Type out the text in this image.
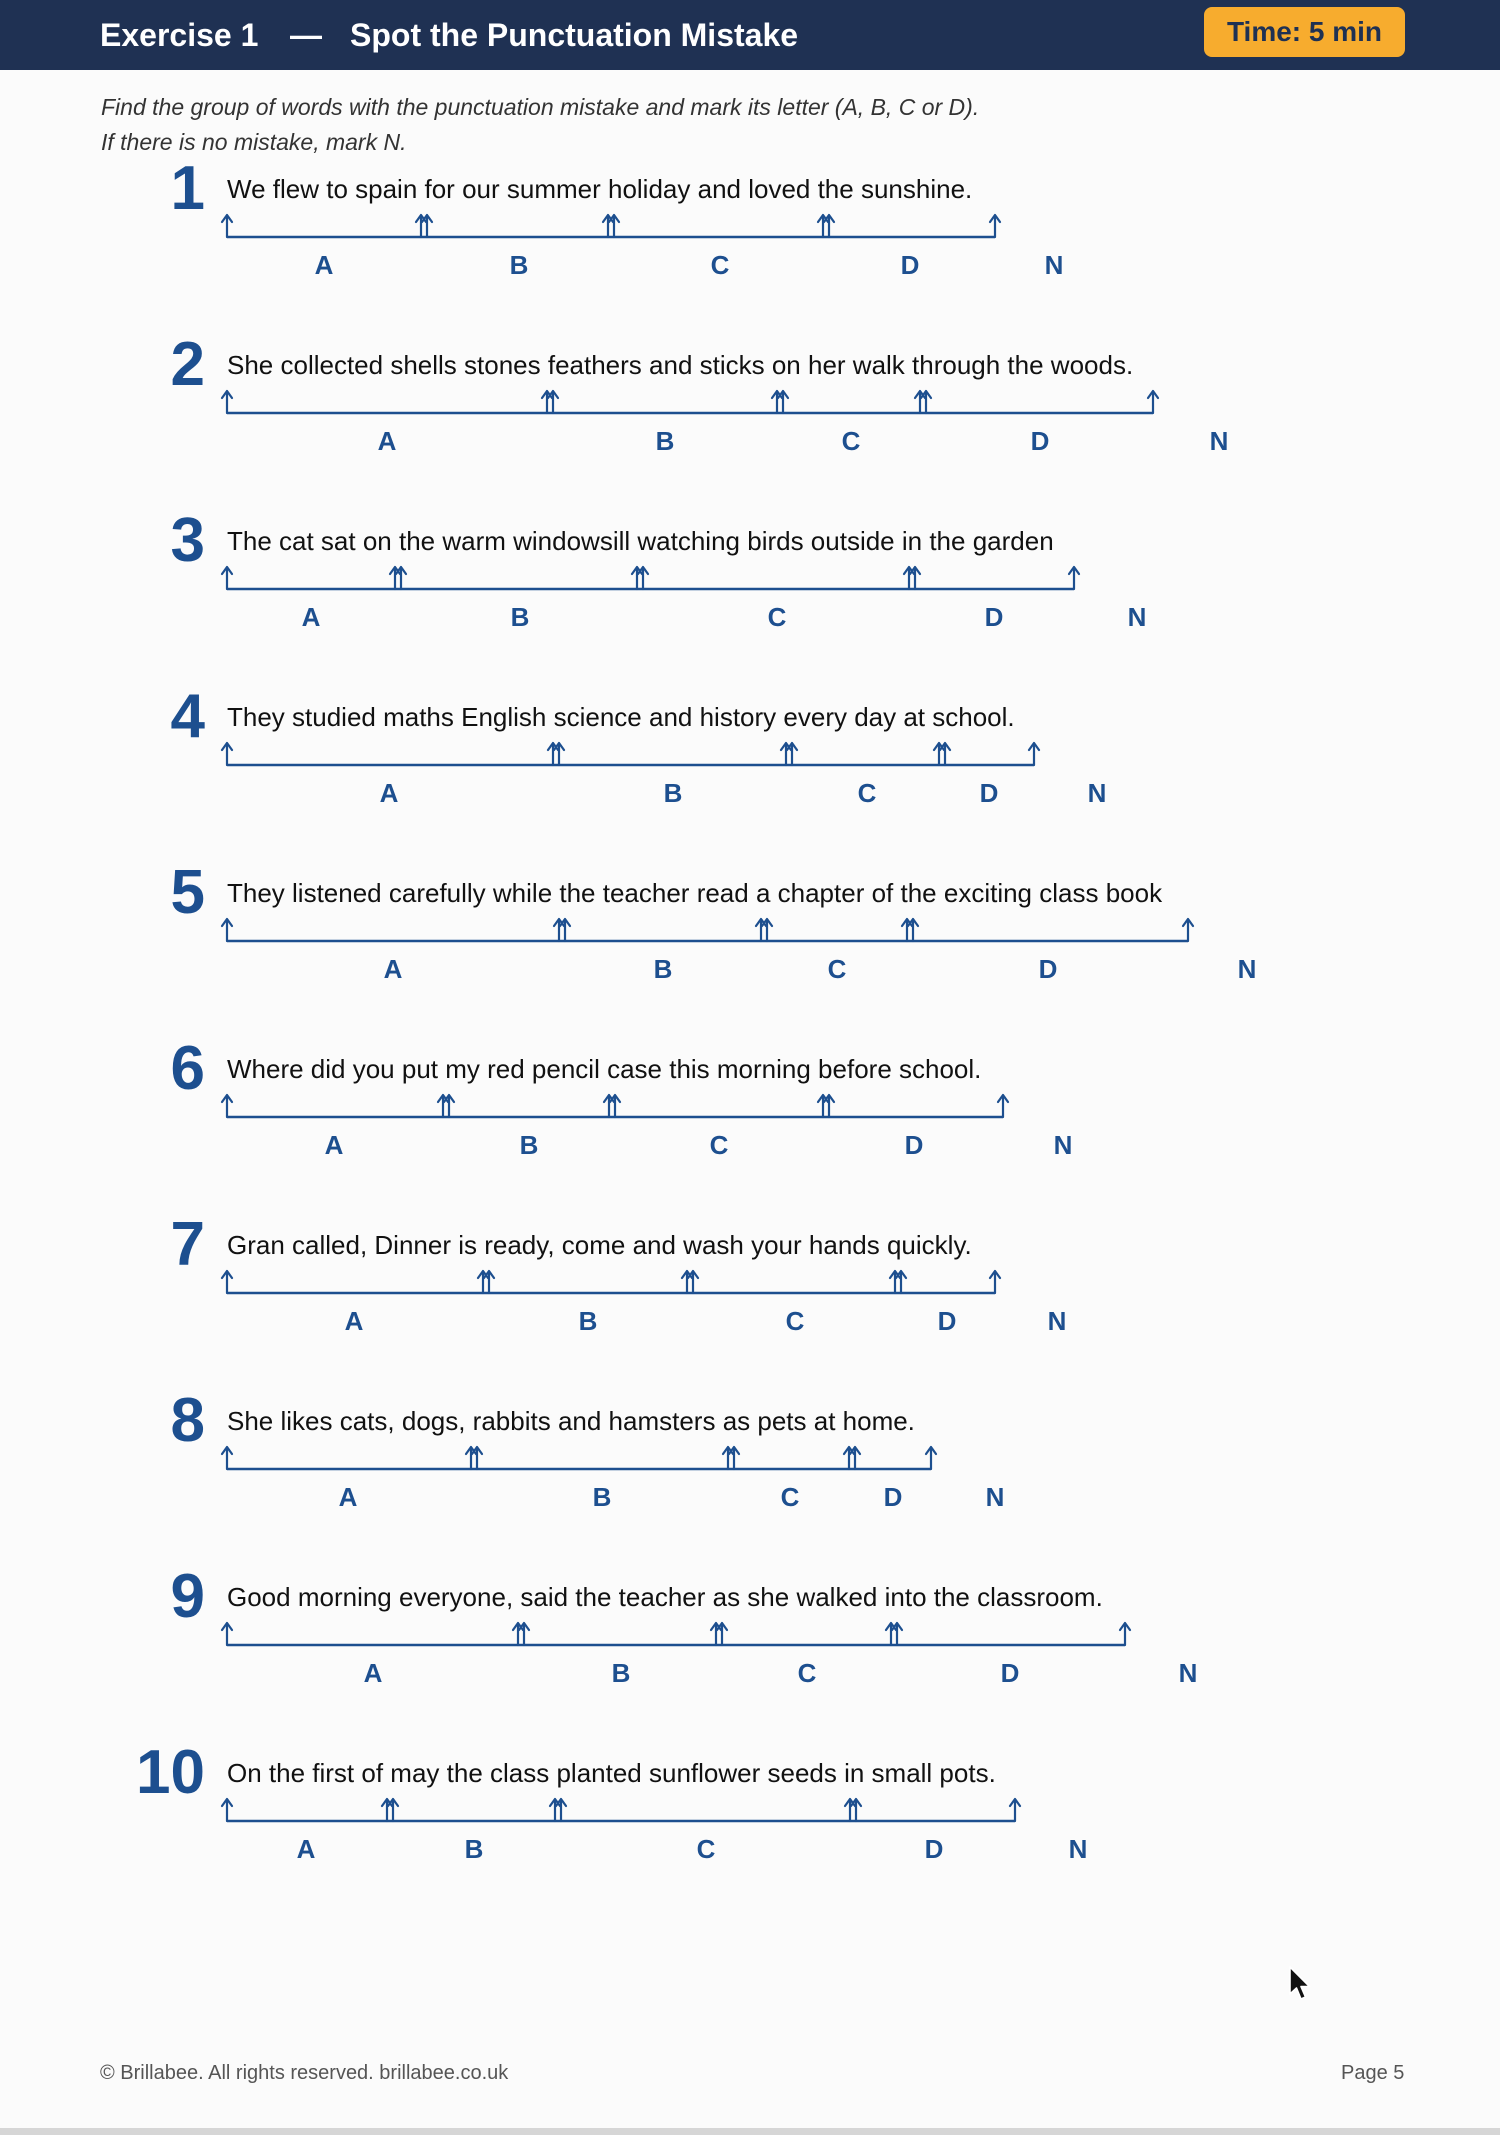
Exercise 1 — Spot the Punctuation Mistake	Time: 5 min
Find the group of words with the punctuation mistake and mark its letter (A, B, C or D).
If there is no mistake, mark N.
1 We flew to spain for our summer holiday and loved the sunshine.
A	B	C	D	N
2 She collected shells stones feathers and sticks on her walk through the woods.
A	B	C	D	N
3 The cat sat on the warm windowsill watching birds outside in the garden
A	B	C	D	N
4 They studied maths English science and history every day at school.
A	B	C	D	N
5 They listened carefully while the teacher read a chapter of the exciting class book
A	B	C	D	N
6 Where did you put my red pencil case this morning before school.
A	B	C	D	N
7 Gran called, Dinner is ready, come and wash your hands quickly.
A	B	C	D	N
8 She likes cats, dogs, rabbits and hamsters as pets at home.
A	B	C	D	N
9 Good morning everyone, said the teacher as she walked into the classroom.
A	B	C	D	N
10 On the first of may the class planted sunflower seeds in small pots.
A	B	C	D	N
© Brillabee. All rights reserved. brillabee.co.uk	Page 5
